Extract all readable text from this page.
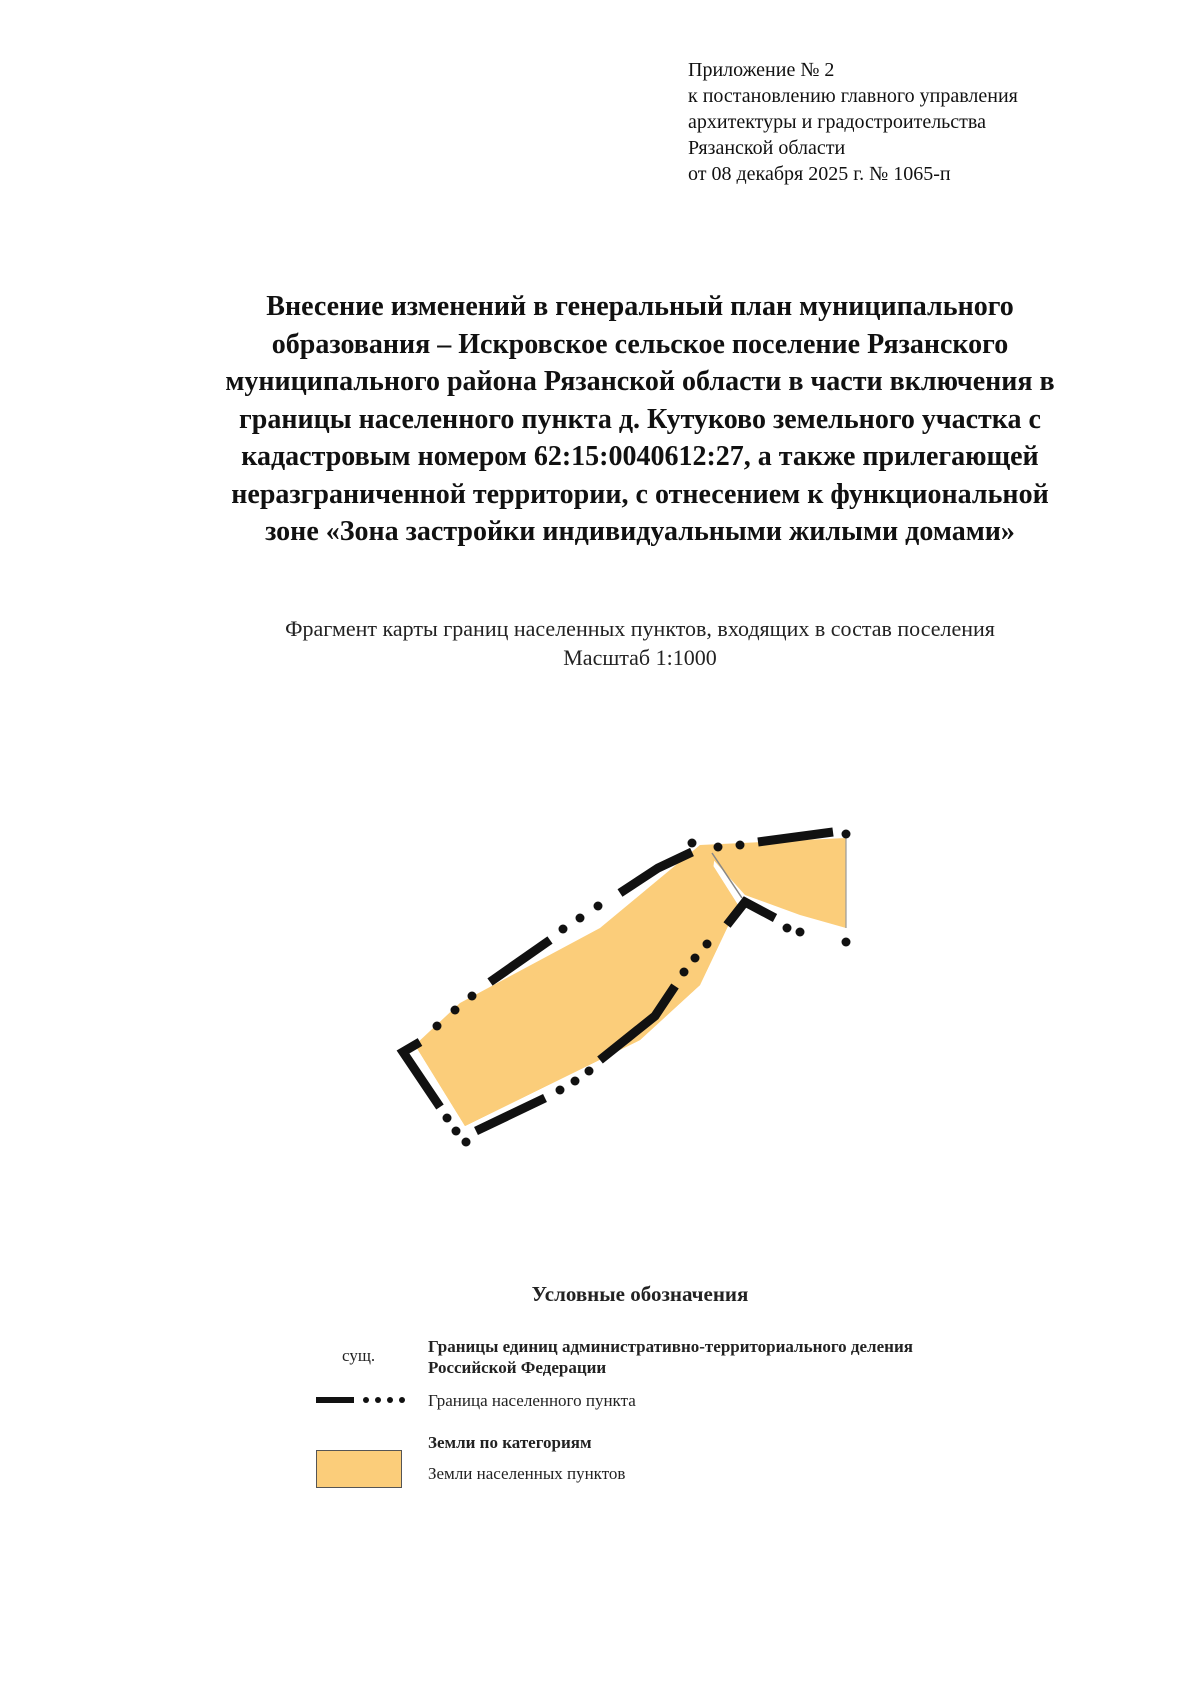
Приложение № 2
к постановлению главного управления
архитектуры и градостроительства
Рязанской области
от 08 декабря 2025 г. № 1065-п
Внесение изменений в генеральный план муниципального
образования – Искровское сельское поселение Рязанского
муниципального района Рязанской области в части включения в
границы населенного пункта д. Кутуково земельного участка с
кадастровым номером 62:15:0040612:27, а также прилегающей
неразграниченной территории, с отнесением к функциональной
зоне «Зона застройки индивидуальными жилыми домами»
Фрагмент карты границ населенных пунктов, входящих в состав поселения
Масштаб 1:1000
Условные обозначения
сущ.	Границы единиц административно-территориального деления Российской Федерации
Граница населенного пункта
Земли по категориям
Земли населенных пунктов
